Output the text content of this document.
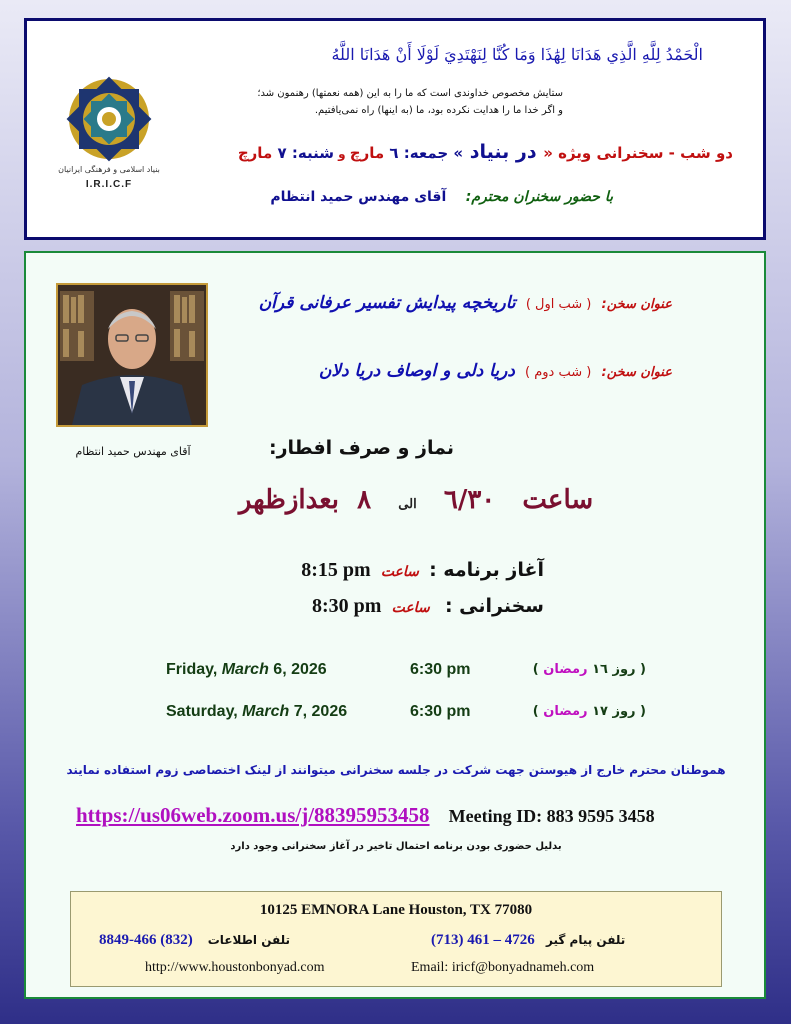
بنیاد اسلامی و فرهنگی ایرانیان
I.R.I.C.F
الْحَمْدُ لِلَّهِ الَّذِي هَدَانَا لِهَٰذَا وَمَا كُنَّا لِنَهْتَدِيَ لَوْلَا أَنْ هَدَانَا اللَّهُ
ستایش مخصوص خداوندی است که ما را به این (همه نعمتها) رهنمون شد؛
و اگر خدا ما را هدایت نکرده بود، ما (به اینها) راه نمی‌یافتیم.
دو شب - سخنرانی ویژه « در بنیاد » جمعه: ٦ مارچ و شنبه: ٧ مارچ
با حضور سخنران محترم:    آقای مهندس حمید انتظام
آقای مهندس حمید انتظام
عنوان سخن:  ( شب اول )  تاریخچه پیدایش تفسیر عرفانی قرآن
عنوان سخن:  ( شب دوم )  دریا دلی و اوصاف دریا دلان
نماز و صرف افطار:
ساعت   ٦/٣٠   الی   ٨  بعدازظهر
آغاز برنامه :  ساعت  8:15 pm
سخنرانی :   ساعت  8:30 pm
Friday, March 6, 2026	6:30 pm	( روز ١٦ رمضان )
Saturday, March 7, 2026	6:30 pm	( روز ١٧ رمضان )
هموطنان محترم خارج از هیوستن جهت شرکت در جلسه سخنرانی میتوانند از لینک اختصاصی زوم استفاده نمایند
https://us06web.zoom.us/j/88395953458 Meeting ID: 883 9595 3458
بدلیل حضوری بودن برنامه احتمال تاخیر در آغاز سخنرانی وجود دارد
10125 EMNORA Lane Houston, TX 77080
تلفن اطلاعات    (832) 466-8849	(713) 461 – 4726 تلفن پیام گیر
http://www.houstonbonyad.com	Email: iricf@bonyadnameh.com
